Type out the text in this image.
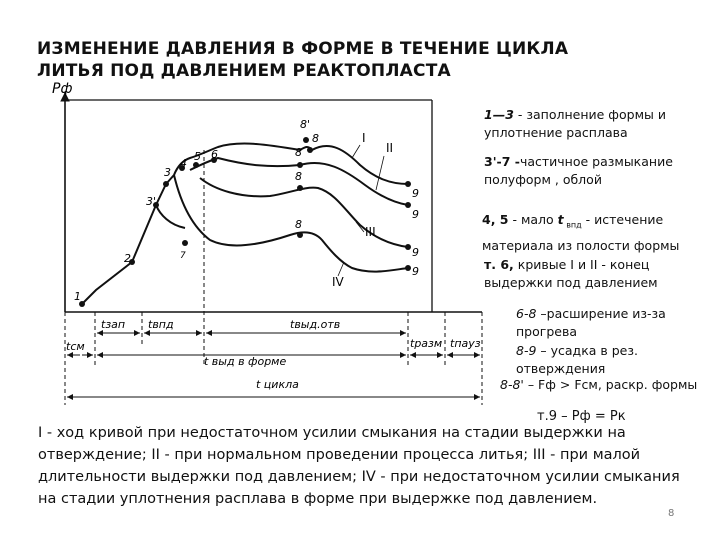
ИЗМЕНЕНИЕ ДАВЛЕНИЯ В ФОРМЕ В ТЕЧЕНИЕ ЦИКЛА
ЛИТЬЯ ПОД ДАВЛЕНИЕМ РЕАКТОПЛАСТА
Pф
1
2
3'
3
4
5 6
7
8'
8
8
8
8
9
9
9
9
I
II
III
IV
tзап tвпд	tвыд.отв
tсм
t выд в форме
tразм tпауз
t цикла
1—3 - заполнение формы и уплотнение расплава
3'-7 -частичное размыкание полуформ , облой
4, 5 - мало t $_{впд}$ - истечение материала из полости формы
т. 6, кривые I и II - конец выдержки под давлением
6-8 –расширение из-за прогрева
8-9 – усадка в рез. отверждения
8-8' – Fф > Fсм, раскр. формы
т.9 – Рф = Рк
I - ход кривой при недостаточном усилии смыкания на стадии выдержки на отверждение; II - при нормальном проведении процесса литья; III - при малой длительности выдержки под давлением; IV - при недостаточном усилии смыкания на стадии уплотнения расплава в форме при выдержке под давлением.
8
